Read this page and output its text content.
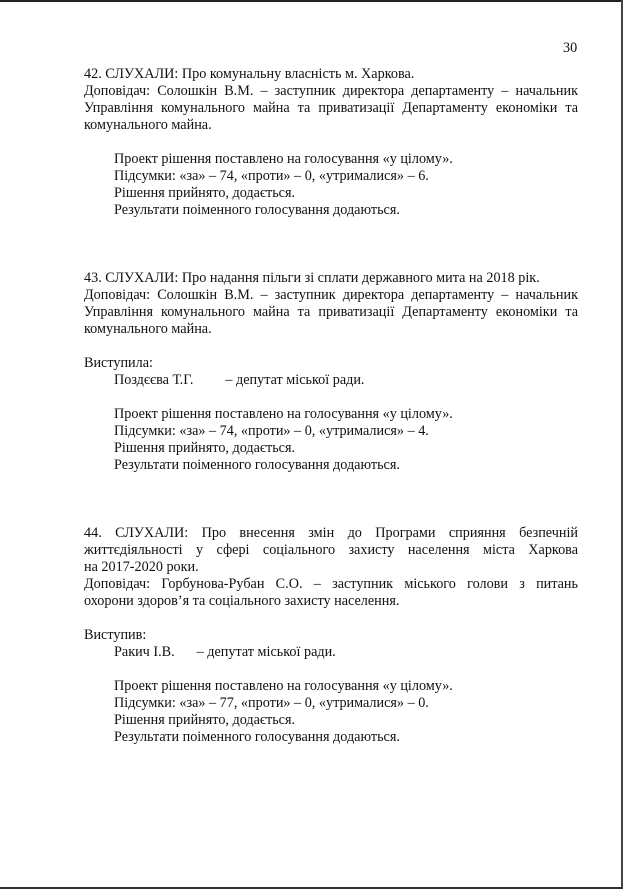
30
42. СЛУХАЛИ: Про комунальну власність м. Харкова.
Доповідач: Солошкін В.М. – заступник директора департаменту – начальник
Управління комунального майна та приватизації Департаменту економіки та
комунального майна.
Проект рішення поставлено на голосування «у цілому».
Підсумки: «за» – 74, «проти» – 0, «утрималися» – 6.
Рішення прийнято, додається.
Результати поіменного голосування додаються.
43. СЛУХАЛИ: Про надання пільги зі сплати державного мита на 2018 рік.
Доповідач: Солошкін В.М. – заступник директора департаменту – начальник
Управління комунального майна та приватизації Департаменту економіки та
комунального майна.
Виступила:
Поздєєва Т.Г. – депутат міської ради.
Проект рішення поставлено на голосування «у цілому».
Підсумки: «за» – 74, «проти» – 0, «утрималися» – 4.
Рішення прийнято, додається.
Результати поіменного голосування додаються.
44. СЛУХАЛИ: Про внесення змін до Програми сприяння безпечній
життєдіяльності у сфері соціального захисту населення міста Харкова
на 2017-2020 роки.
Доповідач: Горбунова-Рубан С.О. – заступник міського голови з питань
охорони здоров’я та соціального захисту населення.
Виступив:
Ракич І.В. – депутат міської ради.
Проект рішення поставлено на голосування «у цілому».
Підсумки: «за» – 77, «проти» – 0, «утрималися» – 0.
Рішення прийнято, додається.
Результати поіменного голосування додаються.
